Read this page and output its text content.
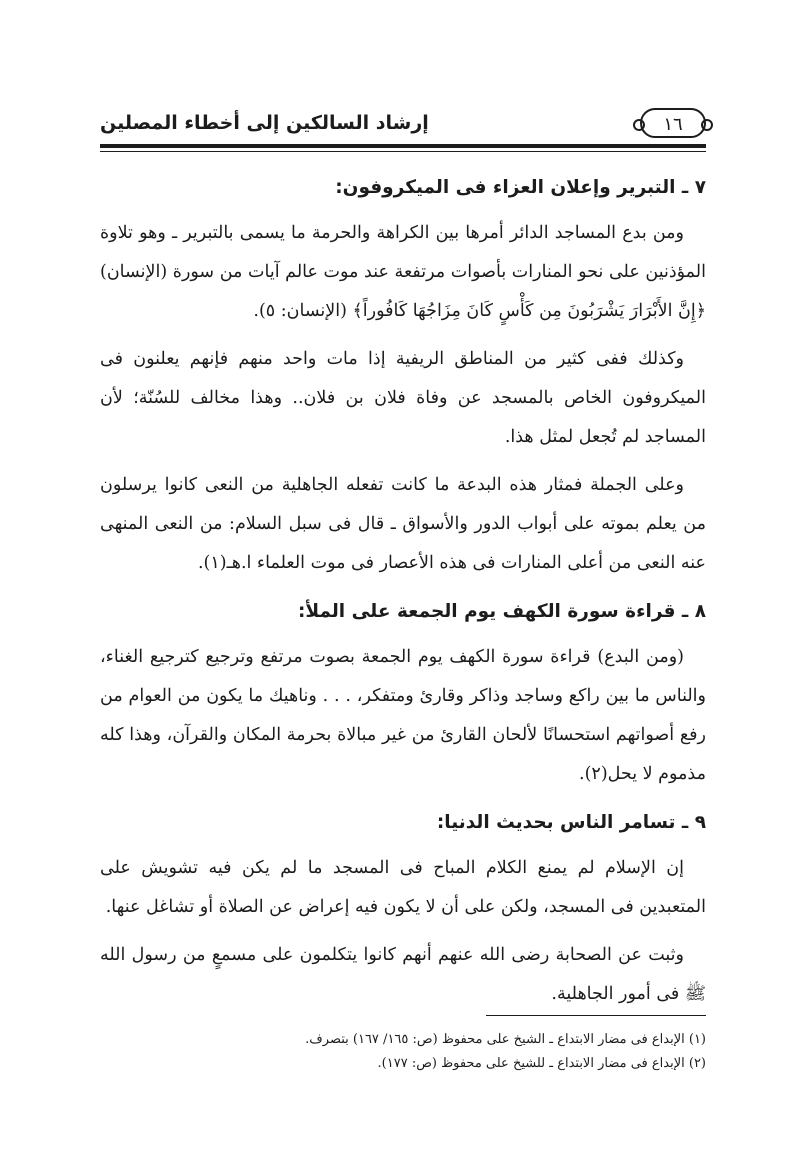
١٦
إرشاد السالكين إلى أخطاء المصلين
٧ ـ التبرير وإعلان العزاء فى الميكروفون:

ومن بدع المساجد الدائر أمرها بين الكراهة والحرمة ما يسمى بالتبرير ـ وهو تلاوة المؤذنين على نحو المنارات بأصوات مرتفعة عند موت عالم آيات من سورة (الإنسان) ﴿إِنَّ الأَبْرَارَ يَشْرَبُونَ مِن كَأْسٍ كَانَ مِزَاجُهَا كَافُوراً﴾ (الإنسان: ٥).

وكذلك ففى كثير من المناطق الريفية إذا مات واحد منهم فإنهم يعلنون فى الميكروفون الخاص بالمسجد عن وفاة فلان بن فلان.. وهذا مخالف للسُنّة؛ لأن المساجد لم تُجعل لمثل هذا.

وعلى الجملة فمثار هذه البدعة ما كانت تفعله الجاهلية من النعى كانوا يرسلون من يعلم بموته على أبواب الدور والأسواق ـ قال فى سبل السلام: من النعى المنهى عنه النعى من أعلى المنارات فى هذه الأعصار فى موت العلماء ا.هـ(١).

٨ ـ قراءة سورة الكهف يوم الجمعة على الملأ:

(ومن البدع) قراءة سورة الكهف يوم الجمعة بصوت مرتفع وترجيع كترجيع الغناء، والناس ما بين راكع وساجد وذاكر وقارئ ومتفكر، . . . وناهيك ما يكون من العوام من رفع أصواتهم استحسانًا لألحان القارئ من غير مبالاة بحرمة المكان والقرآن، وهذا كله مذموم لا يحل(٢).

٩ ـ تسامر الناس بحديث الدنيا:

إن الإسلام لم يمنع الكلام المباح فى المسجد ما لم يكن فيه تشويش على المتعبدين فى المسجد، ولكن على أن لا يكون فيه إعراض عن الصلاة أو تشاغل عنها.

وثبت عن الصحابة رضى الله عنهم أنهم كانوا يتكلمون على مسمعٍ من رسول الله ﷺ فى أمور الجاهلية.

(١) الإبداع فى مضار الابتداع ـ الشيخ على محفوظ (ص: ١٦٥/ ١٦٧) بتصرف.
(٢) الإبداع فى مضار الابتداع ـ للشيخ على محفوظ (ص: ١٧٧).
